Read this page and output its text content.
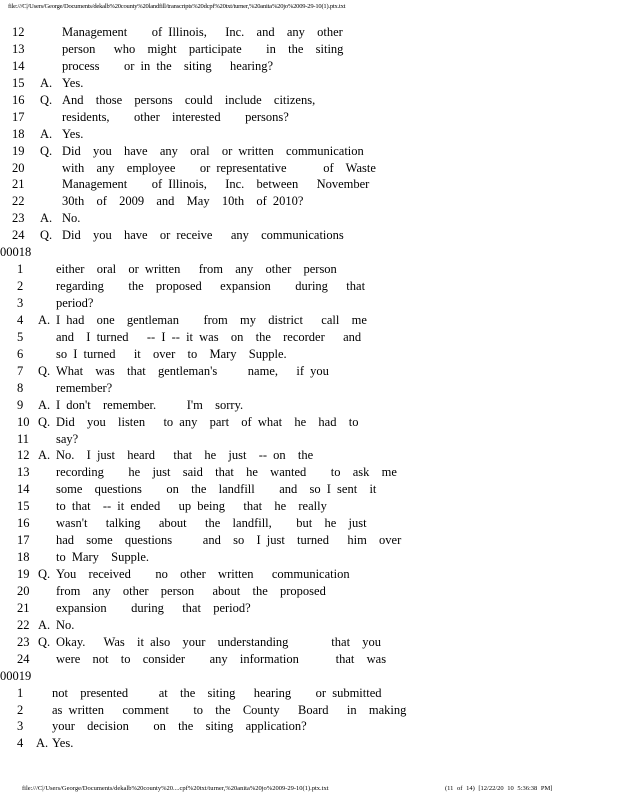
file:///C|/Users/George/Documents/dekalb%20county%20landfill/transcripts%20dcpf%20txt/turner,%20anita%20jo%2009-29-10(1).ptx.txt
12	Management    of Illinois,   Inc.  and  any  other
13	person   who  might  participate    in  the  siting
14	process    or in the  siting   hearing?
15 A. Yes.
16 Q. And  those  persons  could  include  citizens,
17	residents,    other  interested    persons?
18 A. Yes.
19 Q. Did  you  have  any  oral  or written  communication
20	with  any  employee    or representative      of  Waste
21	Management    of Illinois,   Inc.  between   November
22	30th  of  2009  and  May  10th  of 2010?
23 A. No.
24 Q. Did  you  have  or receive   any  communications
00018
1	either  oral  or written   from  any  other  person
2	regarding    the  proposed   expansion    during   that
3	period?
4 A. I had  one  gentleman    from  my  district   call  me
5	and  I turned   -- I -- it was  on  the  recorder   and
6	so I turned   it  over  to  Mary  Supple.
7 Q. What  was  that  gentleman's     name,   if you
8	remember?
9 A. I don't  remember.     I'm  sorry.
10 Q. Did  you  listen   to any  part  of what  he  had  to
11 say?
12 A. No.  I just  heard   that  he  just  -- on  the
13 recording    he  just  said  that  he  wanted    to  ask  me
14 some  questions    on  the  landfill    and  so I sent  it
15 to that  -- it ended   up being   that  he  really
16 wasn't   talking   about   the  landfill,    but  he  just
17 had  some  questions     and  so  I just  turned   him  over
18 to Mary  Supple.
19 Q. You  received    no  other  written   communication
20 from  any  other  person   about  the  proposed
21 expansion    during   that  period?
22 A. No.
23 Q. Okay.   Was  it also  your  understanding       that  you
24 were  not  to  consider    any  information      that  was
00019
1 not  presented     at  the  siting   hearing    or submitted
2 as written   comment    to  the  County   Board   in  making
3 your  decision    on  the  siting  application?
4 A. Yes.
file:///C|/Users/George/Documents/dekalb%20county%20....cpf%20txt/turner,%20anita%20jo%2009-29-10(1).ptx.txt	(11 of 14) [12/22/20 10 5:36:38 PM]
